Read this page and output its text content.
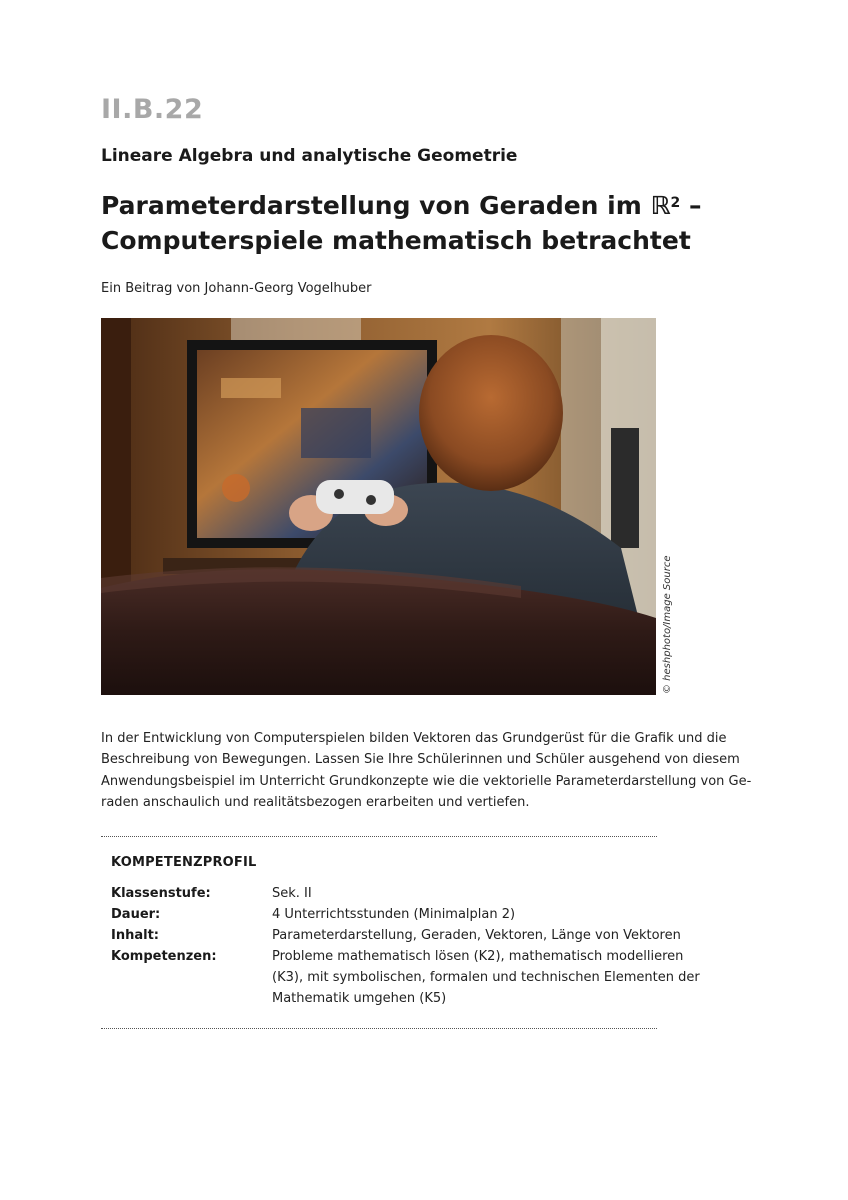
II.B.22
Lineare Algebra und analytische Geometrie
Parameterdarstellung von Geraden im ℝ$^2$ –
Computerspiele mathematisch betrachtet
Ein Beitrag von Johann-Georg Vogelhuber
© heshphoto/Image Source
In der Entwicklung von Computerspielen bilden Vektoren das Grundgerüst für die Grafik und die
Beschreibung von Bewegungen. Lassen Sie Ihre Schülerinnen und Schüler ausgehend von diesem
Anwendungsbeispiel im Unterricht Grundkonzepte wie die vektorielle Parameterdarstellung von Ge-
raden anschaulich und realitätsbezogen erarbeiten und vertiefen.
KOMPETENZPROFIL
Klassenstufe:	Sek. II
Dauer:	4 Unterrichtsstunden (Minimalplan 2)
Inhalt:	Parameterdarstellung, Geraden, Vektoren, Länge von Vektoren
Kompetenzen:	Probleme mathematisch lösen (K2), mathematisch modellieren
(K3), mit symbolischen, formalen und technischen Elementen der
Mathematik umgehen (K5)
